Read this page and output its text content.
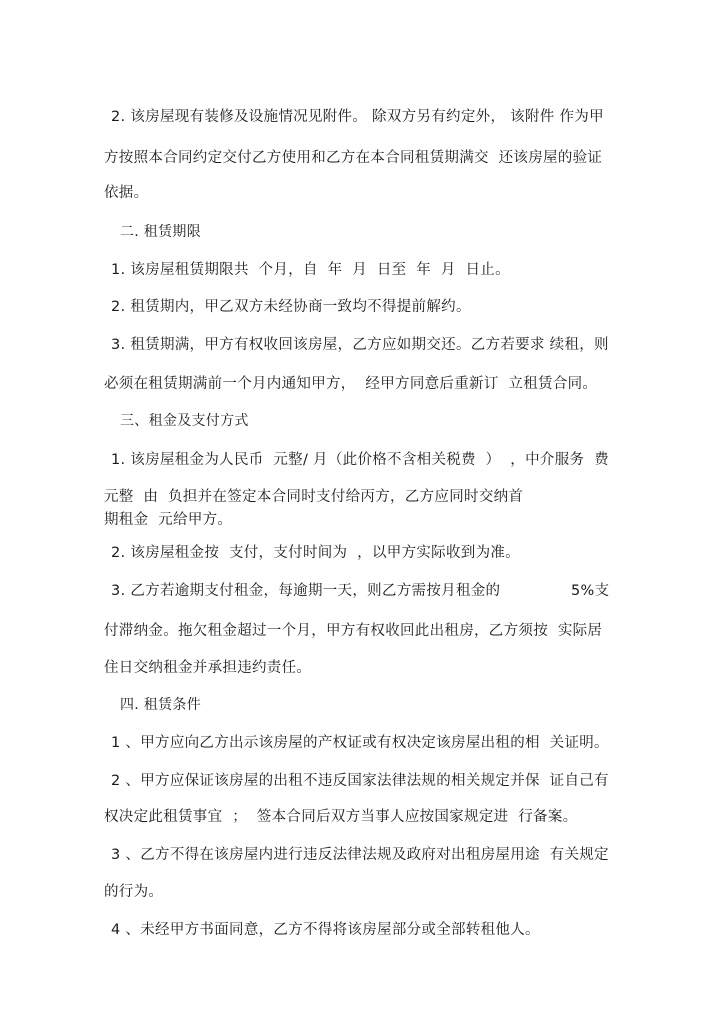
2. 该房屋现有装修及设施情况见附件。 除双方另有约定外， 该附件 作为甲
方按照本合同约定交付乙方使用和乙方在本合同租赁期满交  还该房屋的验证
依据。
二. 租赁期限
1. 该房屋租赁期限共  个月，自  年  月  日至  年  月  日止。
2. 租赁期内，甲乙双方未经协商一致均不得提前解约。
3. 租赁期满，甲方有权收回该房屋，乙方应如期交还。乙方若要求 续租，则
必须在租赁期满前一个月内通知甲方，  经甲方同意后重新订  立租赁合同。
三、租金及支付方式
1. 该房屋租金为人民币  元整/ 月（此价格不含相关税费  ）  ，中介服务  费
元整  由  负担并在签定本合同时支付给丙方，乙方应同时交纳首
期租金  元给甲方。
2. 该房屋租金按  支付，支付时间为  ，以甲方实际收到为准。
3. 乙方若逾期支付租金，每逾期一天，则乙方需按月租金的	5%支
付滞纳金。拖欠租金超过一个月，甲方有权收回此出租房，乙方须按  实际居
住日交纳租金并承担违约责任。
四. 租赁条件
1 、甲方应向乙方出示该房屋的产权证或有权决定该房屋出租的相  关证明。
2 、甲方应保证该房屋的出租不违反国家法律法规的相关规定并保  证自己有
权决定此租赁事宜  ；  签本合同后双方当事人应按国家规定进  行备案。
3 、乙方不得在该房屋内进行违反法律法规及政府对出租房屋用途  有关规定
的行为。
4 、未经甲方书面同意，乙方不得将该房屋部分或全部转租他人。
